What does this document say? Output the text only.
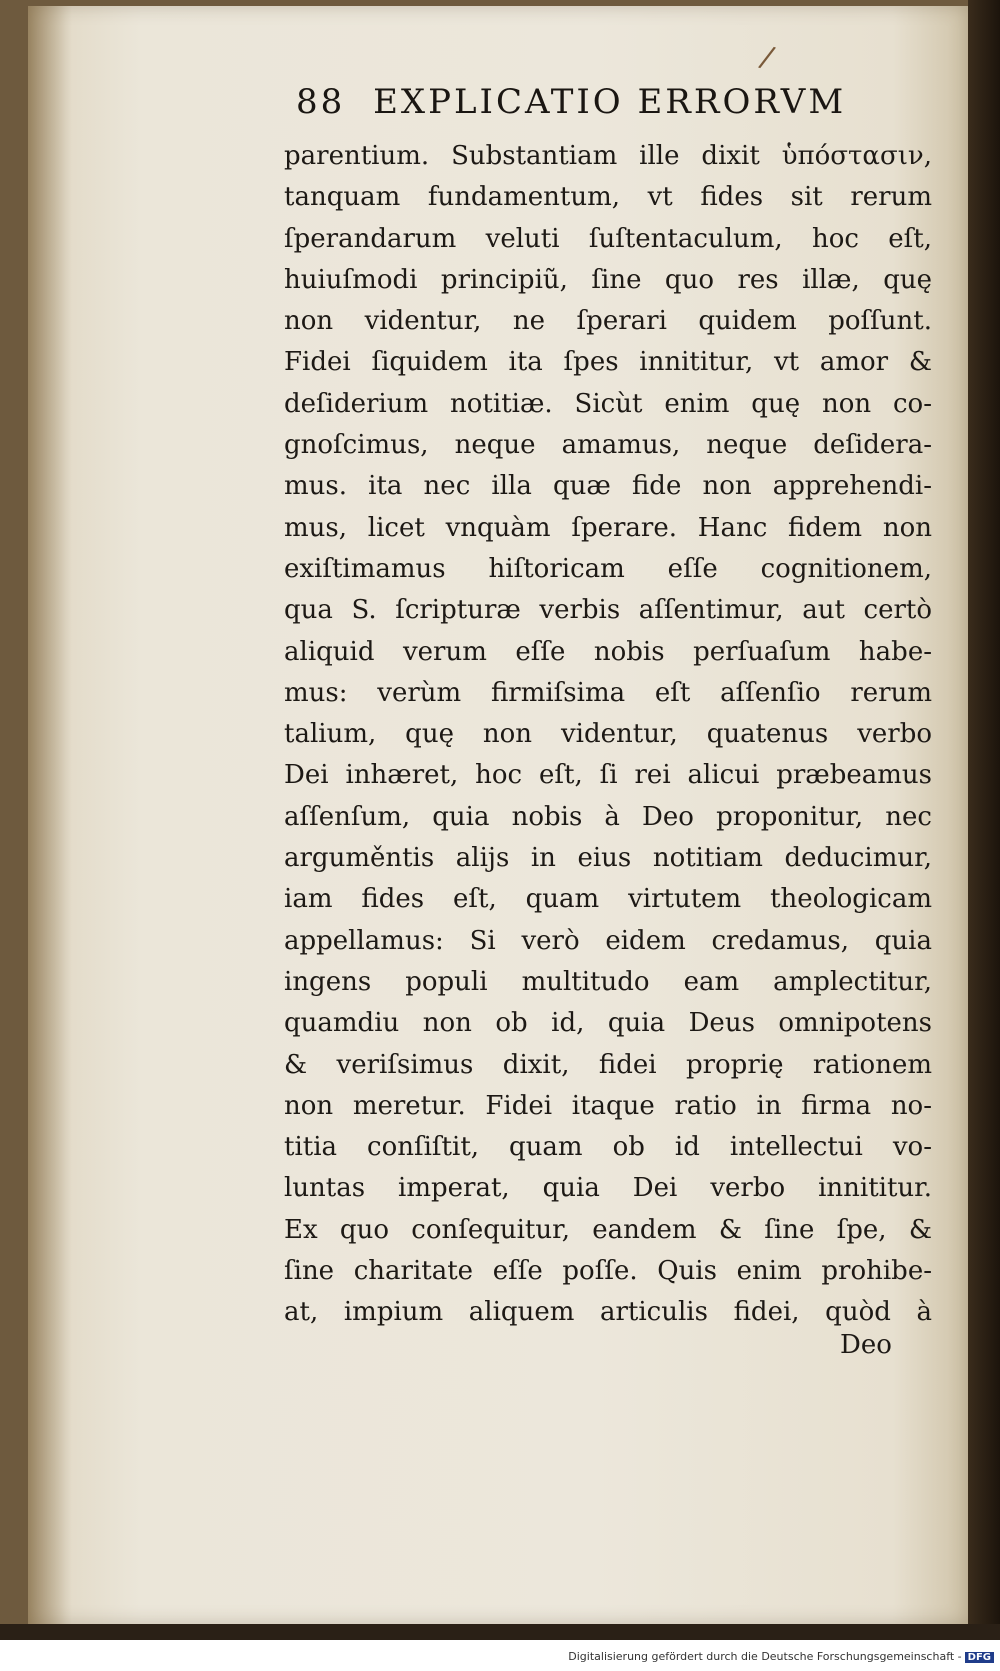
/
88 EXPLICATIO ERRORVM
parentium. Substantiam ille dixit ὑπόστασιν,
tanquam fundamentum, vt fides sit rerum
ſperandarum veluti ſuſtentaculum, hoc eſt,
huiuſmodi principiũ, ſine quo res illæ, quę
non videntur, ne ſperari quidem poſſunt.
Fidei ſiquidem ita ſpes innititur, vt amor &
deſiderium notitiæ. Sicùt enim quę non co-
gnoſcimus, neque amamus, neque deſidera-
mus. ita nec illa quæ fide non apprehendi-
mus, licet vnquàm ſperare. Hanc fidem non
exiſtimamus hiſtoricam eſſe cognitionem,
qua S. ſcripturæ verbis aſſentimur, aut certò
aliquid verum eſſe nobis perſuaſum habe-
mus: verùm firmiſsima eſt aſſenſio rerum
talium, quę non videntur, quatenus verbo
Dei inhæret, hoc eſt, ſi rei alicui præbeamus
aſſenſum, quia nobis à Deo proponitur, nec
arguměntis alijs in eius notitiam deducimur,
iam fides eſt, quam virtutem theologicam
appellamus: Si verò eidem credamus, quia
ingens populi multitudo eam amplectitur,
quamdiu non ob id, quia Deus omnipotens
& veriſsimus dixit, fidei proprię rationem
non meretur. Fidei itaque ratio in firma no-
titia conſiſtit, quam ob id intellectui vo-
luntas imperat, quia Dei verbo innititur.
Ex quo conſequitur, eandem & ſine ſpe, &
ſine charitate eſſe poſſe. Quis enim prohibe-
at, impium aliquem articulis fidei, quòd à
Deo
Digitalisierung gefördert durch die Deutsche Forschungsgemeinschaft - DFG
